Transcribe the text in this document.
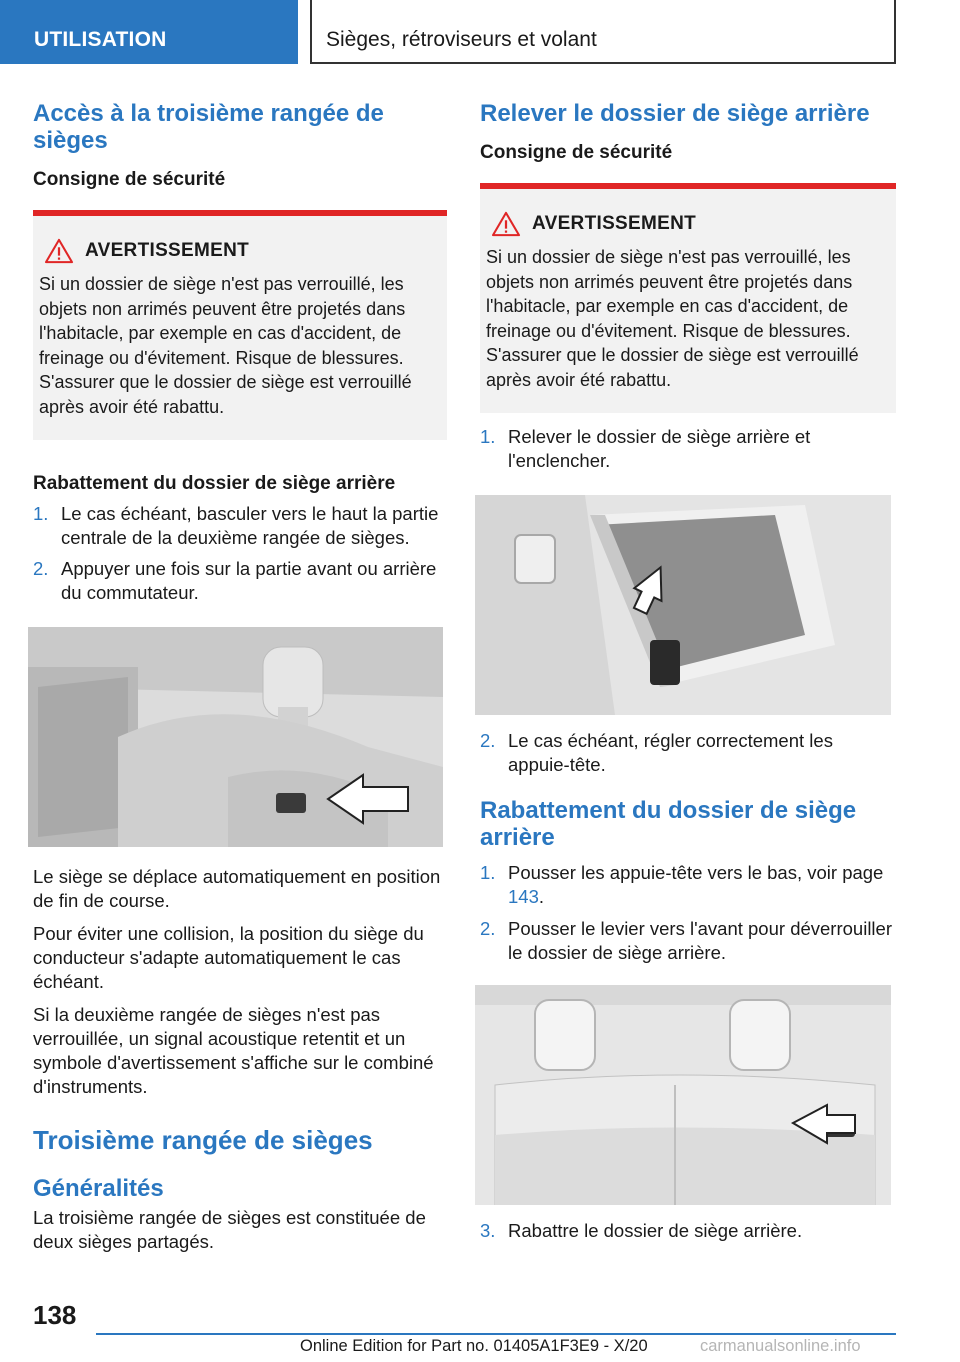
UTILISATION	Sièges, rétroviseurs et volant
Accès à la troisième rangée de sièges
Consigne de sécurité
AVERTISSEMENT
Si un dossier de siège n'est pas verrouillé, les objets non arrimés peuvent être projetés dans l'habitacle, par exemple en cas d'accident, de freinage ou d'évitement. Risque de blessures. S'assurer que le dossier de siège est verrouillé après avoir été rabattu.
Rabattement du dossier de siège arrière
1. Le cas échéant, basculer vers le haut la partie centrale de la deuxième rangée de sièges.
2. Appuyer une fois sur la partie avant ou arrière du commutateur.
Le siège se déplace automatiquement en position de fin de course.
Pour éviter une collision, la position du siège du conducteur s'adapte automatiquement le cas échéant.
Si la deuxième rangée de sièges n'est pas verrouillée, un signal acoustique retentit et un symbole d'avertissement s'affiche sur le combiné d'instruments.
Troisième rangée de sièges
Généralités
La troisième rangée de sièges est constituée de deux sièges partagés.
Relever le dossier de siège arrière
Consigne de sécurité
AVERTISSEMENT
Si un dossier de siège n'est pas verrouillé, les objets non arrimés peuvent être projetés dans l'habitacle, par exemple en cas d'accident, de freinage ou d'évitement. Risque de blessures. S'assurer que le dossier de siège est verrouillé après avoir été rabattu.
1. Relever le dossier de siège arrière et l'enclencher.
2. Le cas échéant, régler correctement les appuie-tête.
Rabattement du dossier de siège arrière
1. Pousser les appuie-tête vers le bas, voir page 143.
2. Pousser le levier vers l'avant pour déverrouiller le dossier de siège arrière.
3. Rabattre le dossier de siège arrière.
138
Online Edition for Part no. 01405A1F3E9 - X/20	carmanualsonline.info
